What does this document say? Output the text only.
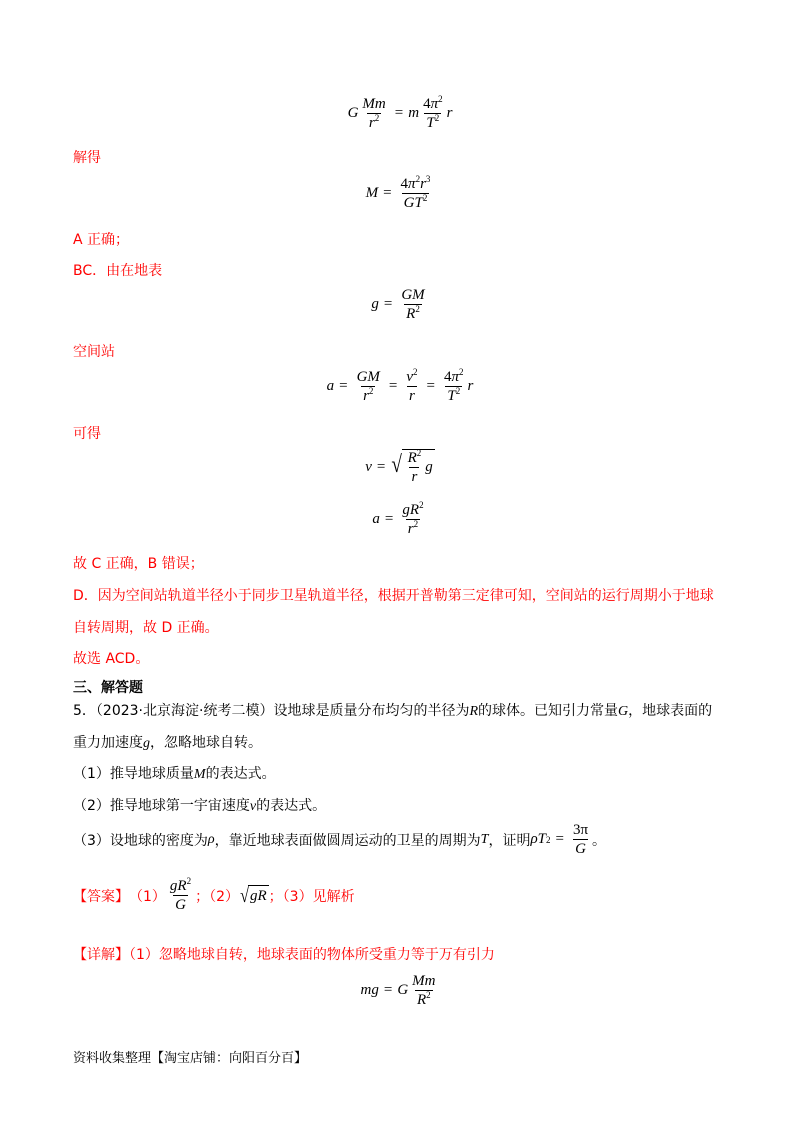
G $\frac{Mm}{r^2} = m \frac{4\pi^2}{T^2}$ r
解得
$M = \frac{4\pi^2r^3}{GT^2}$
A 正确；
BC．由在地表
$g = \frac{GM}{R^2}$
空间站
$a = \frac{GM}{r^2} = \frac{v^2}{r} = \frac{4\pi^2}{T^2}$ r
可得
v = √ $\frac{R^2}{r}$ g
$a = \frac{gR^2}{r^2}$
故 C 正确，B 错误；
D．因为空间站轨道半径小于同步卫星轨道半径，根据开普勒第三定律可知，空间站的运行周期小于地球
自转周期，故 D 正确。
故选 ACD。
三、解答题
5．（2023·北京海淀·统考二模）设地球是质量分布均匀的半径为R的球体。已知引力常量G，地球表面的
重力加速度g，忽略地球自转。
（1）推导地球质量M的表达式。
（2）推导地球第一宇宙速度v的表达式。
（3）设地球的密度为 ρ ，靠近地球表面做圆周运动的卫星的周期为 T ，证明 ρ T $2 = \frac{3\pi}{G}$ 。
【答案】 $(1) \frac{gR^2}{G}$ ；（2） √ gR ；（3）见解析
【详解】（1）忽略地球自转，地球表面的物体所受重力等于万有引力
mg = G $\frac{Mm}{R^2}$
资料收集整理【淘宝店铺：向阳百分百】
